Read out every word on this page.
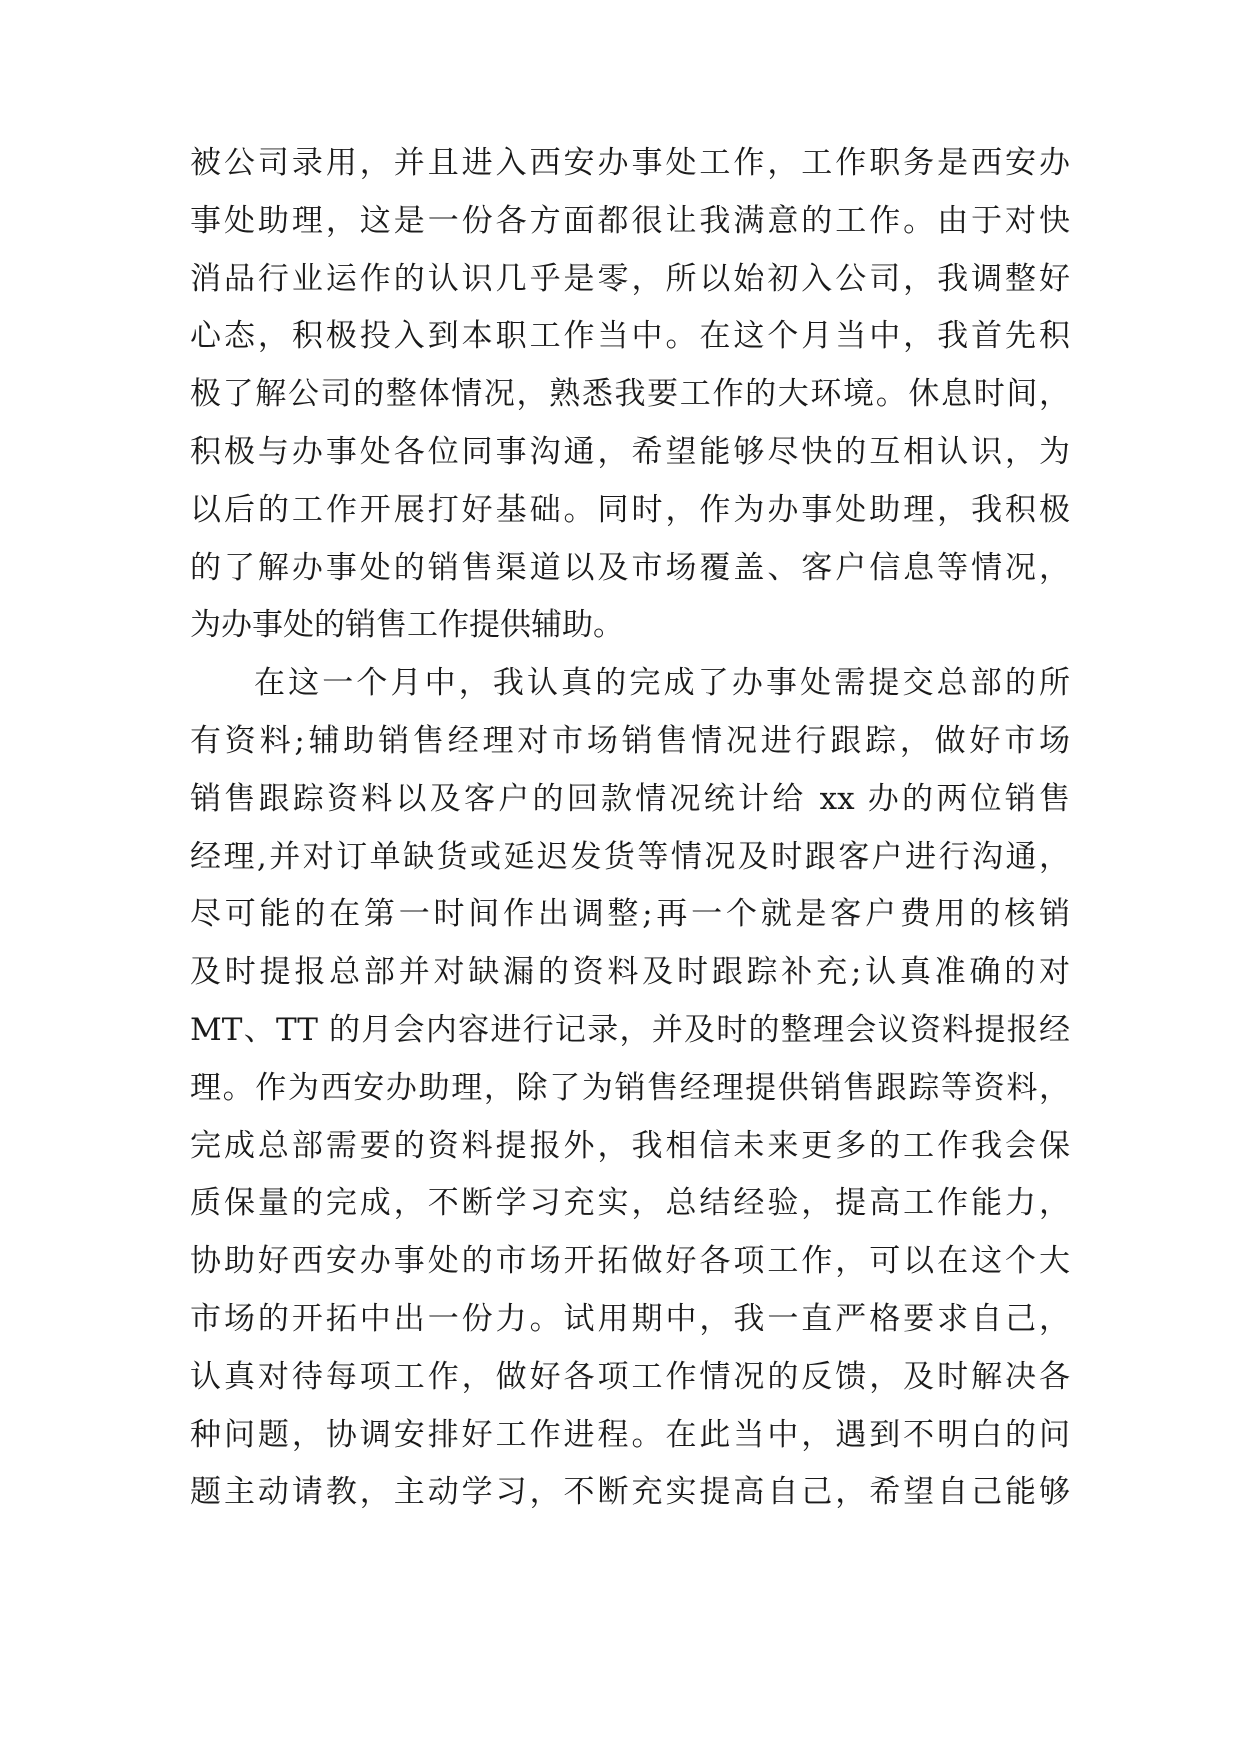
被公司录用，并且进入西安办事处工作，工作职务是西安办
事处助理，这是一份各方面都很让我满意的工作。由于对快
消品行业运作的认识几乎是零，所以始初入公司，我调整好
心态，积极投入到本职工作当中。在这个月当中，我首先积
极了解公司的整体情况，熟悉我要工作的大环境。休息时间，
积极与办事处各位同事沟通，希望能够尽快的互相认识，为
以后的工作开展打好基础。同时，作为办事处助理，我积极
的了解办事处的销售渠道以及市场覆盖、客户信息等情况，
为办事处的销售工作提供辅助。
在这一个月中，我认真的完成了办事处需提交总部的所
有资料;辅助销售经理对市场销售情况进行跟踪，做好市场
销售跟踪资料以及客户的回款情况统计给 xx 办的两位销售
经理,并对订单缺货或延迟发货等情况及时跟客户进行沟通，
尽可能的在第一时间作出调整;再一个就是客户费用的核销
及时提报总部并对缺漏的资料及时跟踪补充;认真准确的对
MT、TT 的月会内容进行记录，并及时的整理会议资料提报经
理。作为西安办助理，除了为销售经理提供销售跟踪等资料，
完成总部需要的资料提报外，我相信未来更多的工作我会保
质保量的完成，不断学习充实，总结经验，提高工作能力，
协助好西安办事处的市场开拓做好各项工作，可以在这个大
市场的开拓中出一份力。试用期中，我一直严格要求自己，
认真对待每项工作，做好各项工作情况的反馈，及时解决各
种问题，协调安排好工作进程。在此当中，遇到不明白的问
题主动请教，主动学习，不断充实提高自己，希望自己能够
